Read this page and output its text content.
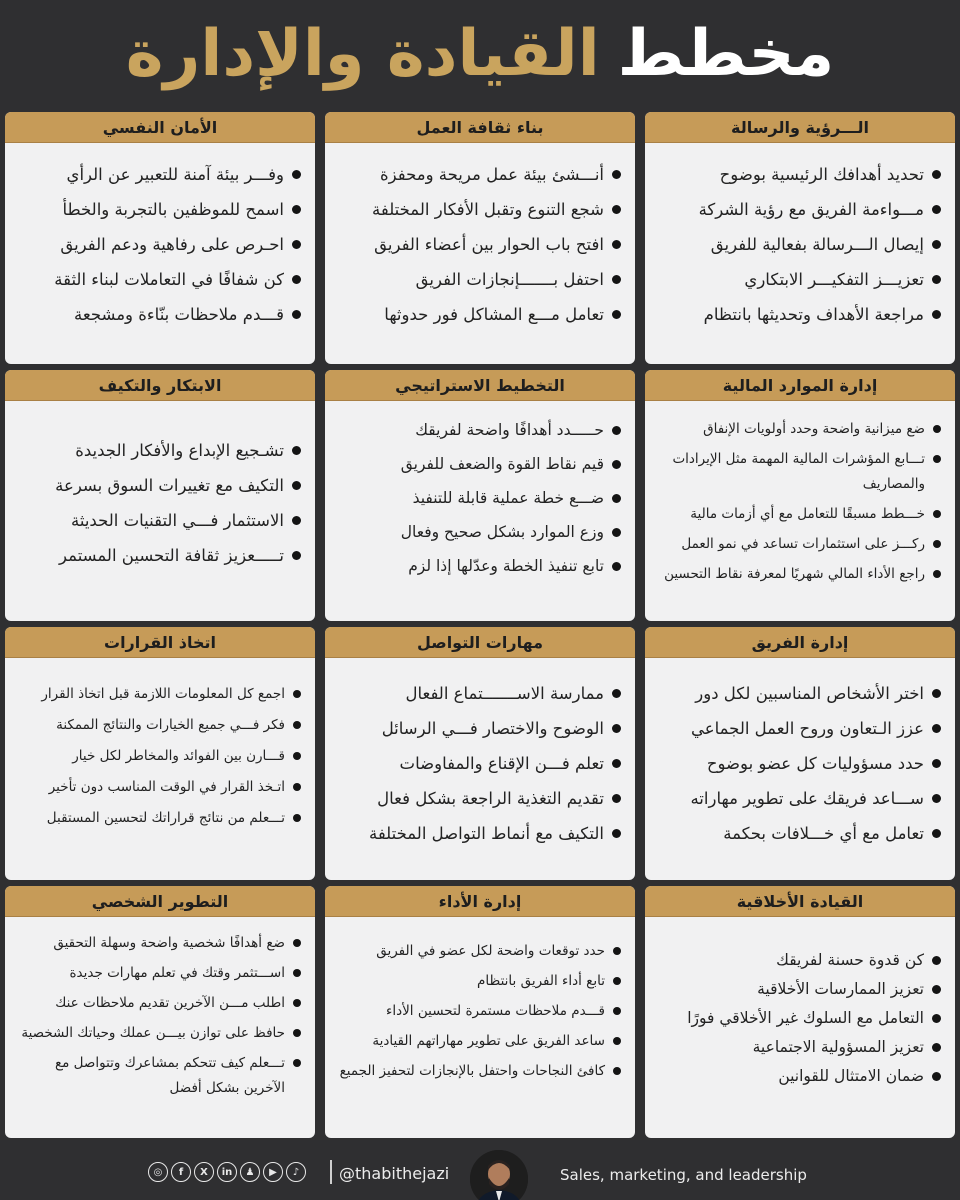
مخطط
القيادة والإدارة
الـــرؤية والرسالة
تحديد أهدافك الرئيسية بوضوح
مـــواءمة الفريق مع رؤية الشركة
إيصال الـــرسالة بفعالية للفريق
تعزيـــز التفكيـــر الابتكاري
مراجعة الأهداف وتحديثها بانتظام
بناء ثقافة العمل
أنـــشئ بيئة عمل مريحة ومحفزة
شجع التنوع وتقبل الأفكار المختلفة
افتح باب الحوار بين أعضاء الفريق
احتفل بـــــــإنجازات الفريق
تعامل مـــع المشاكل فور حدوثها
الأمان النفسي
وفـــر بيئة آمنة للتعبير عن الرأي
اسمح للموظفين بالتجربة والخطأ
احـرص على رفاهية ودعم الفريق
كن شفافًا في التعاملات لبناء الثقة
قـــدم ملاحظات بنّاءة ومشجعة
إدارة الموارد المالية
ضع ميزانية واضحة وحدد أولويات الإنفاق
تـــابع المؤشرات المالية المهمة مثل الإيرادات والمصاريف
خـــطط مسبقًا للتعامل مع أي أزمات مالية
ركـــز على استثمارات تساعد في نمو العمل
راجع الأداء المالي شهريًا لمعرفة نقاط التحسين
التخطيط الاستراتيجي
حـــــدد أهدافًا واضحة لفريقك
قيم نقاط القوة والضعف للفريق
ضـــع خطة عملية قابلة للتنفيذ
وزع الموارد بشكل صحيح وفعال
تابع تنفيذ الخطة وعدّلها إذا لزم
الابتكار والتكيف
تشـجيع الإبداع والأفكار الجديدة
التكيف مع تغييرات السوق بسرعة
الاستثمار فـــي التقنيات الحديثة
تـــــعزيز ثقافة التحسين المستمر
إدارة الفريق
اختر الأشخاص المناسبين لكل دور
عزز الـتعاون وروح العمل الجماعي
حدد مسؤوليات كل عضو بوضوح
ســـاعد فريقك على تطوير مهاراته
تعامل مع أي خـــلافات بحكمة
مهارات التواصل
ممارسة الاســـــــتماع الفعال
الوضوح والاختصار فـــي الرسائل
تعلم فـــن الإقناع والمفاوضات
تقديم التغذية الراجعة بشكل فعال
التكيف مع أنماط التواصل المختلفة
اتخاذ القرارات
اجمع كل المعلومات اللازمة قبل اتخاذ القرار
فكر فـــي جميع الخيارات والنتائج الممكنة
قـــارن بين الفوائد والمخاطر لكل خيار
اتـخذ القرار في الوقت المناسب دون تأخير
تـــعلم من نتائج قراراتك لتحسين المستقبل
القيادة الأخلاقية
كن قدوة حسنة لفريقك
تعزيز الممارسات الأخلاقية
التعامل مع السلوك غير الأخلاقي فورًا
تعزيز المسؤولية الاجتماعية
ضمان الامتثال للقوانين
إدارة الأداء
حدد توقعات واضحة لكل عضو في الفريق
تابع أداء الفريق بانتظام
قـــدم ملاحظات مستمرة لتحسين الأداء
ساعد الفريق على تطوير مهاراتهم القيادية
كافئ النجاحات واحتفل بالإنجازات لتحفيز الجميع
التطوير الشخصي
ضع أهدافًا شخصية واضحة وسهلة التحقيق
اســـتثمر وقتك في تعلم مهارات جديدة
اطلب مـــن الآخرين تقديم ملاحظات عنك
حافظ على توازن بيـــن عملك وحياتك الشخصية
تـــعلم كيف تتحكم بمشاعرك وتتواصل مع الآخرين بشكل أفضل
◎	f	X	in	♟	▶	♪	@thabithejazi	Sales, marketing, and leadership
